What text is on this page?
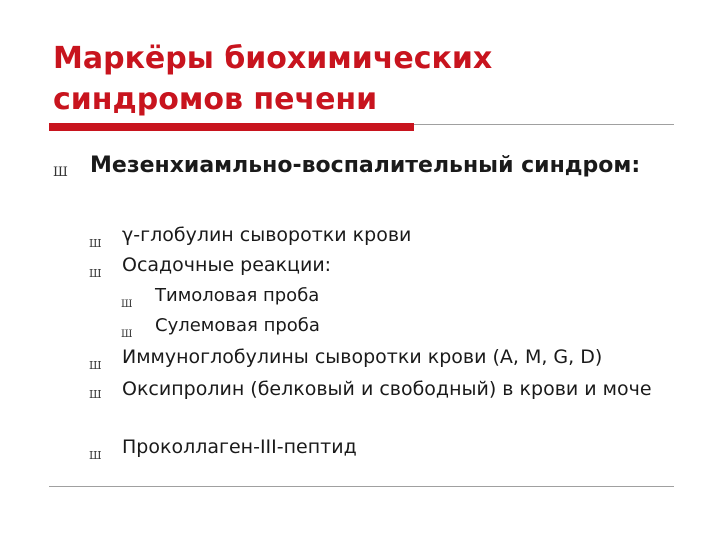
Маркёры биохимических синдромов печени
Ш Мезенхиамльно-воспалительный синдром:
Ш γ-глобулин сыворотки крови
Ш Осадочные реакции:
Ш Тимоловая проба
Ш Сулемовая проба
Ш Иммуноглобулины сыворотки крови (A, M, G, D)
Ш Оксипролин (белковый и свободный) в крови и моче
Ш Проколлаген-III-пептид
